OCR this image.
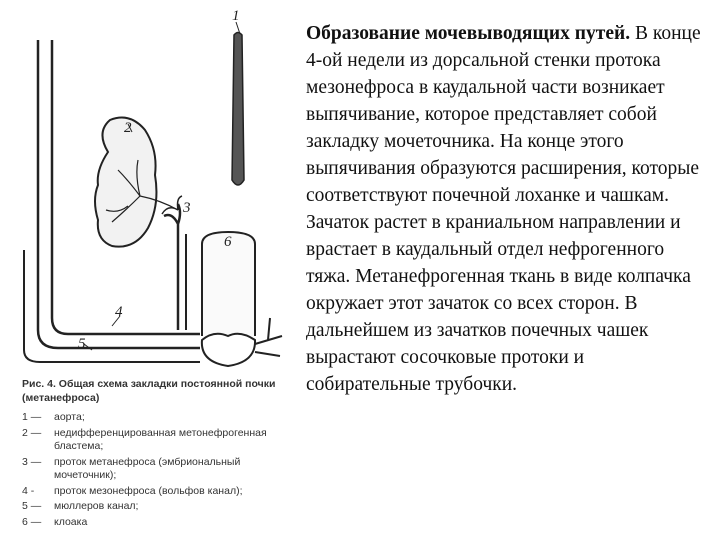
1
2
3
4
5
6
Рис. 4. Общая схема закладки постоянной почки (метанефроса)
1 —	аорта;
2 —	недифференцированная метонефрогенная бластема;
3 —	проток метанефроса (эмбриональный мочеточник);
4 -	проток мезонефроса (вольфов канал);
5 —	мюллеров канал;
6 —	клоака
Образование мочевыводящих путей. В конце 4-ой недели из дорсальной стенки протока мезонефроса в каудальной части возникает выпячивание, которое представляет собой закладку мочеточника. На конце этого выпячивания образуются расширения, которые соответствуют почечной лоханке и чашкам. Зачаток растет в краниальном направлении и врастает в каудальный отдел нефрогенного тяжа. Метанефрогенная ткань в виде колпачка окружает этот зачаток со всех сторон. В дальнейшем из зачатков почечных чашек вырастают сосочковые протоки и собирательные трубочки.
